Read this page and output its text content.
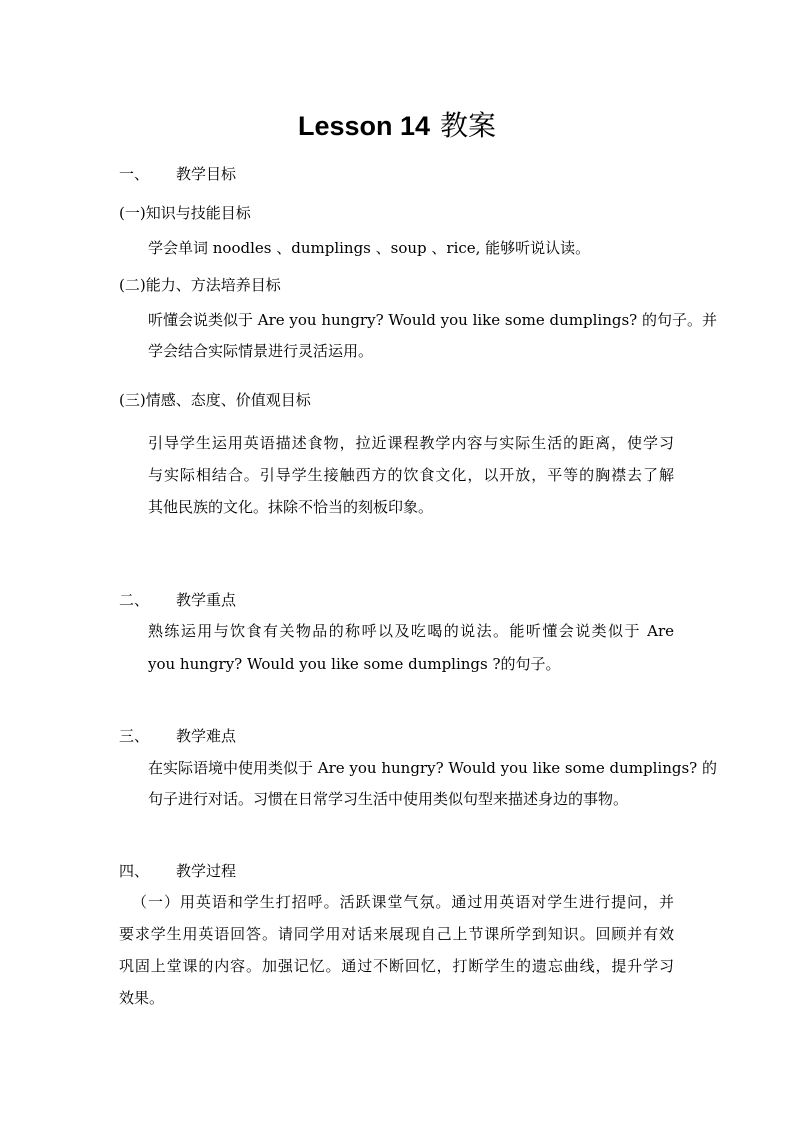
Lesson 14 教案
一、 教学目标
(一)知识与技能目标
学会单词 noodles 、dumplings 、soup 、rice, 能够听说认读。
(二)能力、方法培养目标
听懂会说类似于 Are you hungry? Would you like some dumplings? 的句子。并
学会结合实际情景进行灵活运用。
(三)情感、态度、价值观目标
引导学生运用英语描述食物，拉近课程教学内容与实际生活的距离，使学习
与实际相结合。引导学生接触西方的饮食文化，以开放，平等的胸襟去了解
其他民族的文化。抹除不恰当的刻板印象。
二、 教学重点
熟练运用与饮食有关物品的称呼以及吃喝的说法。能听懂会说类似于 Are
you hungry? Would you like some dumplings ?的句子。
三、 教学难点
在实际语境中使用类似于 Are you hungry? Would you like some dumplings? 的
句子进行对话。习惯在日常学习生活中使用类似句型来描述身边的事物。
四、 教学过程
（一）用英语和学生打招呼。活跃课堂气氛。通过用英语对学生进行提问，并
要求学生用英语回答。请同学用对话来展现自己上节课所学到知识。回顾并有效
巩固上堂课的内容。加强记忆。通过不断回忆，打断学生的遗忘曲线，提升学习
效果。
